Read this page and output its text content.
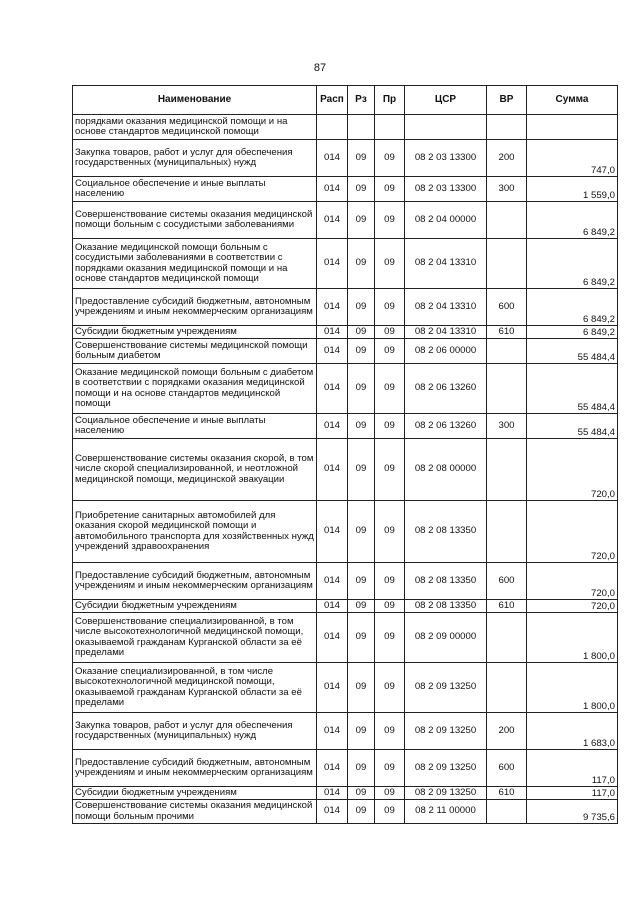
87
Наименование	Расп	Рз	Пр	ЦСР	ВР	Сумма
порядками оказания медицинской помощи и на основе стандартов медицинской помощи						
Закупка товаров, работ и услуг для обеспечения государственных (муниципальных) нужд	014	09	09	08 2 03 13300	200	747,0
Социальное обеспечение и иные выплаты населению	014	09	09	08 2 03 13300	300	1 559,0
Совершенствование системы оказания медицинской помощи больным с сосудистыми заболеваниями	014	09	09	08 2 04 00000		6 849,2
Оказание медицинской помощи больным с сосудистыми заболеваниями в соответствии с порядками оказания медицинской помощи и на основе стандартов медицинской помощи	014	09	09	08 2 04 13310		6 849,2
Предоставление субсидий бюджетным, автономным учреждениям и иным некоммерческим организациям	014	09	09	08 2 04 13310	600	6 849,2
Субсидии бюджетным учреждениям	014	09	09	08 2 04 13310	610	6 849,2
Совершенствование системы медицинской помощи больным диабетом	014	09	09	08 2 06 00000		55 484,4
Оказание медицинской помощи больным с диабетом в соответствии с порядками оказания медицинской помощи и на основе стандартов медицинской помощи	014	09	09	08 2 06 13260		55 484,4
Социальное обеспечение и иные выплаты населению	014	09	09	08 2 06 13260	300	55 484,4
Совершенствование системы оказания скорой, в том числе скорой специализированной, и неотложной медицинской помощи, медицинской эвакуации	014	09	09	08 2 08 00000		720,0
Приобретение санитарных автомобилей для оказания скорой медицинской помощи и автомобильного транспорта для хозяйственных нужд учреждений здравоохранения	014	09	09	08 2 08 13350		720,0
Предоставление субсидий бюджетным, автономным учреждениям и иным некоммерческим организациям	014	09	09	08 2 08 13350	600	720,0
Субсидии бюджетным учреждениям	014	09	09	08 2 08 13350	610	720,0
Совершенствование специализированной, в том числе высокотехнологичной медицинской помощи, оказываемой гражданам Курганской области за её пределами	014	09	09	08 2 09 00000		1 800,0
Оказание специализированной, в том числе высокотехнологичной медицинской помощи, оказываемой гражданам Курганской области за её пределами	014	09	09	08 2 09 13250		1 800,0
Закупка товаров, работ и услуг для обеспечения государственных (муниципальных) нужд	014	09	09	08 2 09 13250	200	1 683,0
Предоставление субсидий бюджетным, автономным учреждениям и иным некоммерческим организациям	014	09	09	08 2 09 13250	600	117,0
Субсидии бюджетным учреждениям	014	09	09	08 2 09 13250	610	117,0
Совершенствование системы оказания медицинской помощи больным прочими	014	09	09	08 2 11 00000		9 735,6
